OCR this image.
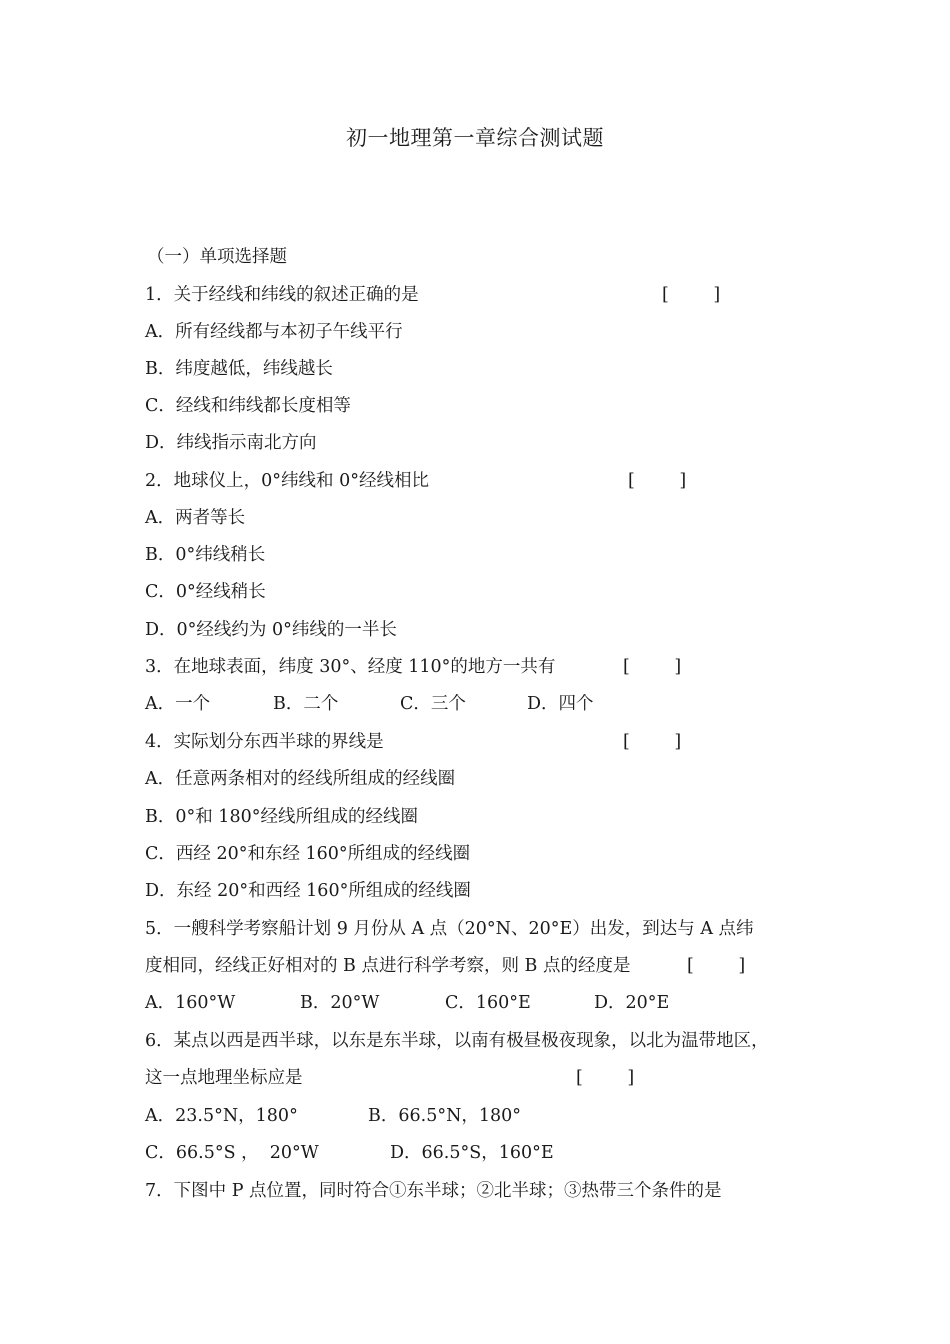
初一地理第一章综合测试题
（一）单项选择题
1．关于经线和纬线的叙述正确的是	[        ]
A．所有经线都与本初子午线平行
B．纬度越低，纬线越长
C．经线和纬线都长度相等
D．纬线指示南北方向
2．地球仪上，0°纬线和 0°经线相比	[        ]
A．两者等长
B．0°纬线稍长
C．0°经线稍长
D．0°经线约为 0°纬线的一半长
3．在地球表面，纬度 30°、经度 110°的地方一共有	[        ]
A．一个	B．二个	C．三个	D．四个
4．实际划分东西半球的界线是	[        ]
A．任意两条相对的经线所组成的经线圈
B．0°和 180°经线所组成的经线圈
C．西经 20°和东经 160°所组成的经线圈
D．东经 20°和西经 160°所组成的经线圈
5．一艘科学考察船计划 9 月份从 A 点（20°N、20°E）出发，到达与 A 点纬
度相同，经线正好相对的 B 点进行科学考察，则 B 点的经度是	[        ]
A．160°W	B．20°W	C．160°E	D．20°E
6．某点以西是西半球，以东是东半球，以南有极昼极夜现象，以北为温带地区，
这一点地理坐标应是	[        ]
A．23.5°N，180°	B．66.5°N，180°
C．66.5°S ，  20°W	D．66.5°S，160°E
7．下图中 P 点位置，同时符合①东半球；②北半球；③热带三个条件的是
